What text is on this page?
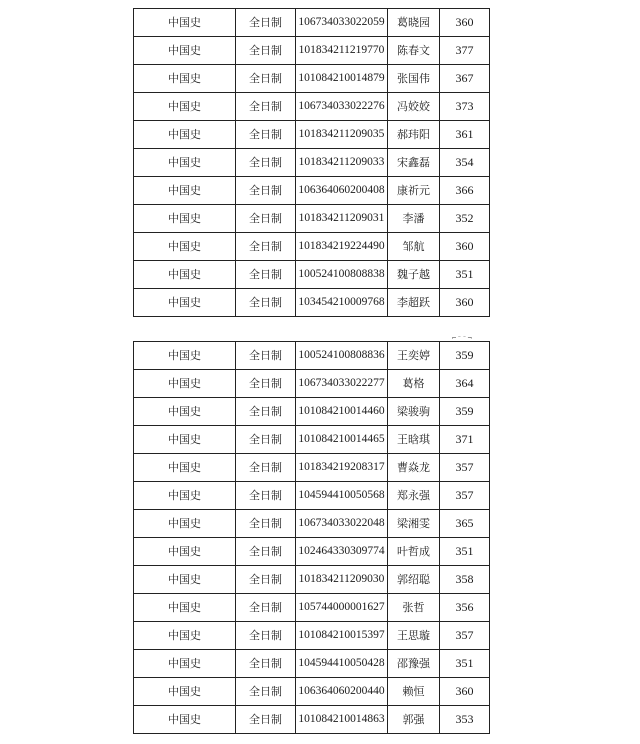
中国史	全日制	106734033022059	葛晓园	360
中国史	全日制	101834211219770	陈春文	377
中国史	全日制	101084210014879	张国伟	367
中国史	全日制	106734033022276	冯姣姣	373
中国史	全日制	101834211209035	郝玮阳	361
中国史	全日制	101834211209033	宋鑫磊	354
中国史	全日制	106364060200408	康祈元	366
中国史	全日制	101834211209031	李潘	352
中国史	全日制	101834219224490	邹航	360
中国史	全日制	100524100808838	魏子越	351
中国史	全日制	103454210009768	李超跃	360
⌐⁻⁻¬
中国史	全日制	100524100808836	王奕婷	359
中国史	全日制	106734033022277	葛格	364
中国史	全日制	101084210014460	梁骏驹	359
中国史	全日制	101084210014465	王晗琪	371
中国史	全日制	101834219208317	曹焱龙	357
中国史	全日制	104594410050568	郑永强	357
中国史	全日制	106734033022048	梁湘雯	365
中国史	全日制	102464330309774	叶哲成	351
中国史	全日制	101834211209030	郭绍聪	358
中国史	全日制	105744000001627	张哲	356
中国史	全日制	101084210015397	王思璇	357
中国史	全日制	104594410050428	邵豫强	351
中国史	全日制	106364060200440	赖恒	360
中国史	全日制	101084210014863	郭强	353
